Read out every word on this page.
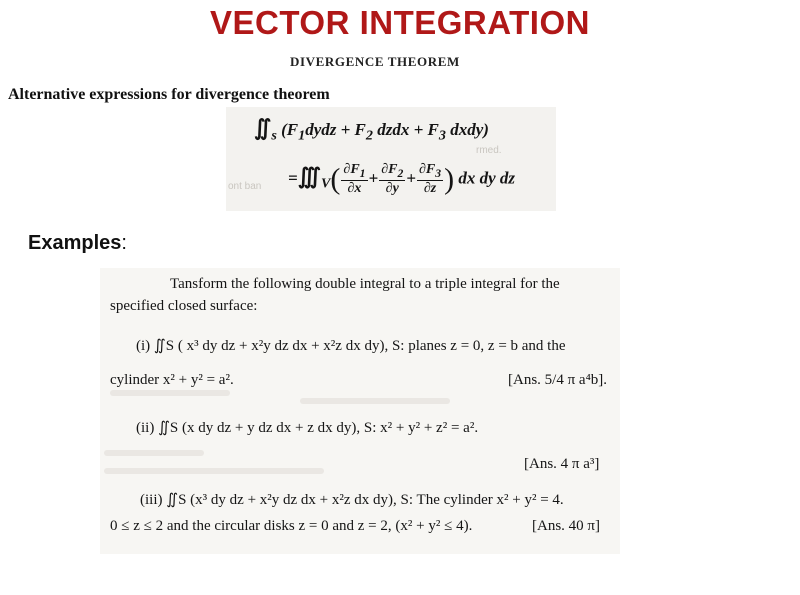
VECTOR INTEGRATION
DIVERGENCE THEOREM
Alternative expressions for divergence theorem
ont ban
rmed.
$∬_s$ ($F_1dydz + F_2$ dzdx + $F_3$ dxdy)
$=∭_V( \frac{\partial F_1}{\partial x} + \frac{\partial F_2}{\partial y} + \frac{\partial F_3}{\partial z}$ ) dx dy dz
Examples:
Tansform the following double integral to a triple integral for the
specified closed surface:
(i) ∬S ( x³ dy dz + x²y dz dx + x²z dx dy), S: planes z = 0, z = b and the
cylinder x² + y² = a².	[Ans. 5/4 π a⁴b].
(ii) ∬S (x dy dz + y dz dx + z dx dy), S: x² + y² + z² = a².
[Ans. 4 π a³]
(iii) ∬S (x³ dy dz + x²y dz dx + x²z dx dy), S: The cylinder x² + y² = 4.
0 ≤ z ≤ 2 and the circular disks z = 0 and z = 2, (x² + y² ≤ 4).	[Ans. 40 π]
